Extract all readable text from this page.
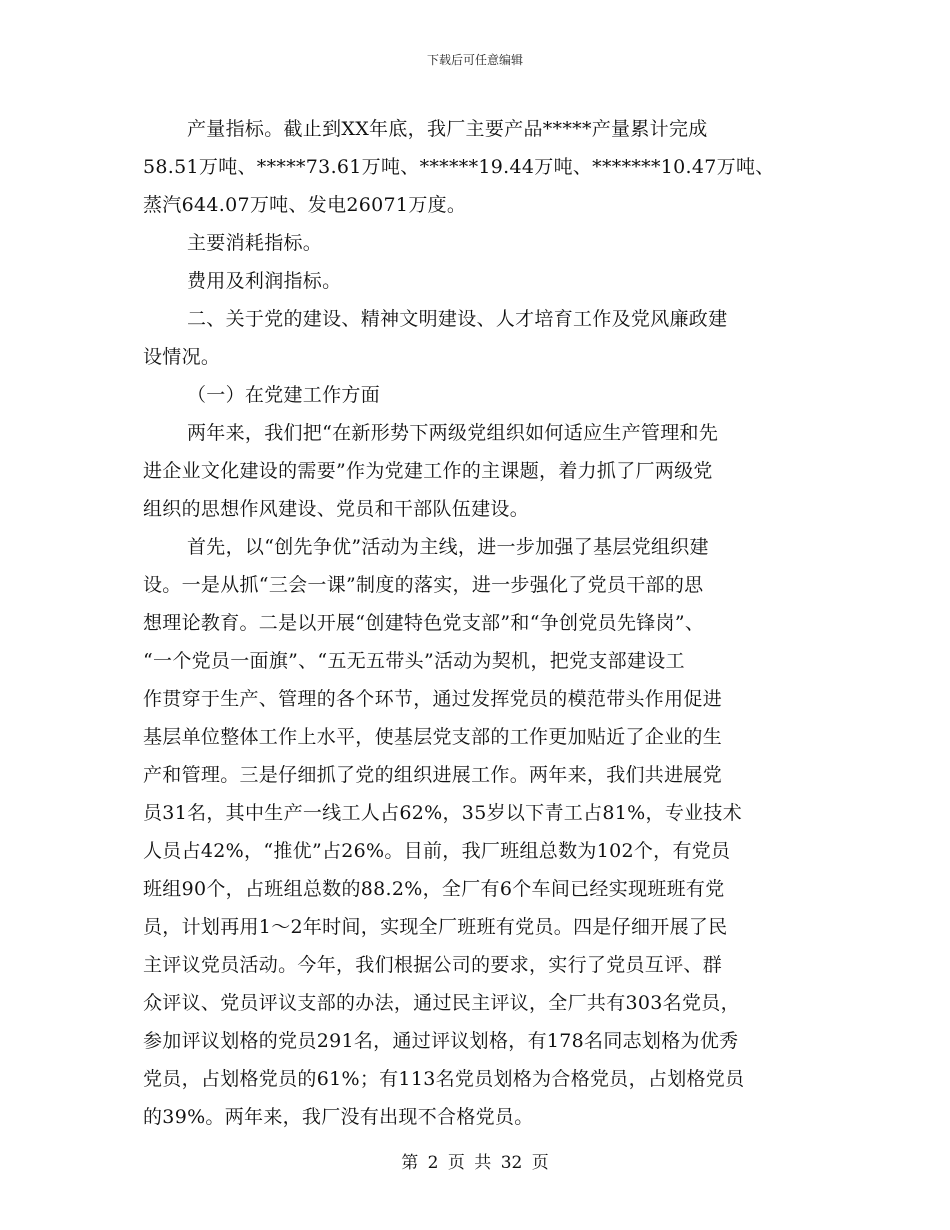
下载后可任意编辑
产量指标。截止到XX年底，我厂主要产品*****产量累计完成
58.51万吨、*****73.61万吨、******19.44万吨、*******10.47万吨、
蒸汽644.07万吨、发电26071万度。
主要消耗指标。
费用及利润指标。
二、关于党的建设、精神文明建设、人才培育工作及党风廉政建
设情况。
（一）在党建工作方面
两年来，我们把“在新形势下两级党组织如何适应生产管理和先
进企业文化建设的需要”作为党建工作的主课题，着力抓了厂两级党
组织的思想作风建设、党员和干部队伍建设。
首先，以“创先争优”活动为主线，进一步加强了基层党组织建
设。一是从抓“三会一课”制度的落实，进一步强化了党员干部的思
想理论教育。二是以开展“创建特色党支部”和“争创党员先锋岗”、
“一个党员一面旗”、“五无五带头”活动为契机，把党支部建设工
作贯穿于生产、管理的各个环节，通过发挥党员的模范带头作用促进
基层单位整体工作上水平，使基层党支部的工作更加贴近了企业的生
产和管理。三是仔细抓了党的组织进展工作。两年来，我们共进展党
员31名，其中生产一线工人占62%，35岁以下青工占81%，专业技术
人员占42%，“推优”占26%。目前，我厂班组总数为102个，有党员
班组90个，占班组总数的88.2%，全厂有6个车间已经实现班班有党
员，计划再用1～2年时间，实现全厂班班有党员。四是仔细开展了民
主评议党员活动。今年，我们根据公司的要求，实行了党员互评、群
众评议、党员评议支部的办法，通过民主评议，全厂共有303名党员，
参加评议划格的党员291名，通过评议划格，有178名同志划格为优秀
党员，占划格党员的61%；有113名党员划格为合格党员，占划格党员
的39%。两年来，我厂没有出现不合格党员。
第 2 页 共 32 页
